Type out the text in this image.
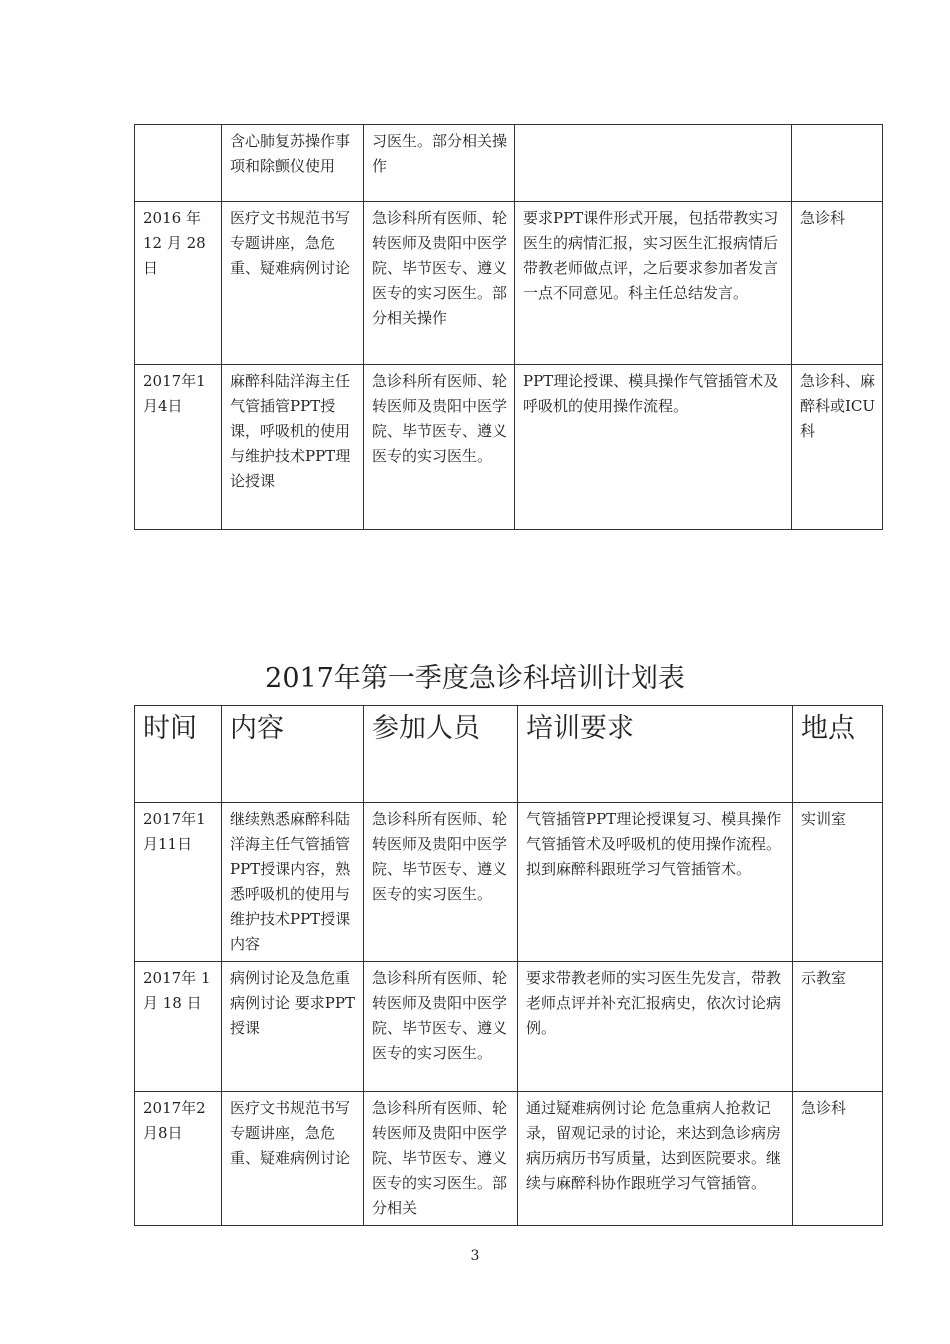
	含心肺复苏操作事项和除颤仪使用	习医生。部分相关操作		
2016 年 12 月 28 日	医疗文书规范书写专题讲座，急危重、疑难病例讨论	急诊科所有医师、轮转医师及贵阳中医学院、毕节医专、遵义医专的实习医生。部分相关操作	要求PPT课件形式开展，包括带教实习医生的病情汇报，实习医生汇报病情后带教老师做点评，之后要求参加者发言一点不同意见。科主任总结发言。	急诊科
2017年1月4日	麻醉科陆洋海主任气管插管PPT授课，呼吸机的使用与维护技术PPT理论授课	急诊科所有医师、轮转医师及贵阳中医学院、毕节医专、遵义医专的实习医生。	PPT理论授课、模具操作气管插管术及呼吸机的使用操作流程。	急诊科、麻醉科或ICU科
2017年第一季度急诊科培训计划表
时间	内容	参加人员	培训要求	地点
2017年1月11日	继续熟悉麻醉科陆洋海主任气管插管PPT授课内容，熟悉呼吸机的使用与维护技术PPT授课内容	急诊科所有医师、轮转医师及贵阳中医学院、毕节医专、遵义医专的实习医生。	气管插管PPT理论授课复习、模具操作气管插管术及呼吸机的使用操作流程。拟到麻醉科跟班学习气管插管术。	实训室
2017年 1 月 18 日	病例讨论及急危重病例讨论 要求PPT授课	急诊科所有医师、轮转医师及贵阳中医学院、毕节医专、遵义医专的实习医生。	要求带教老师的实习医生先发言，带教老师点评并补充汇报病史，依次讨论病例。	示教室
2017年2月8日	医疗文书规范书写专题讲座，急危重、疑难病例讨论	急诊科所有医师、轮转医师及贵阳中医学院、毕节医专、遵义医专的实习医生。部分相关	通过疑难病例讨论 危急重病人抢救记录，留观记录的讨论，来达到急诊病房病历病历书写质量，达到医院要求。继续与麻醉科协作跟班学习气管插管。	急诊科
3
